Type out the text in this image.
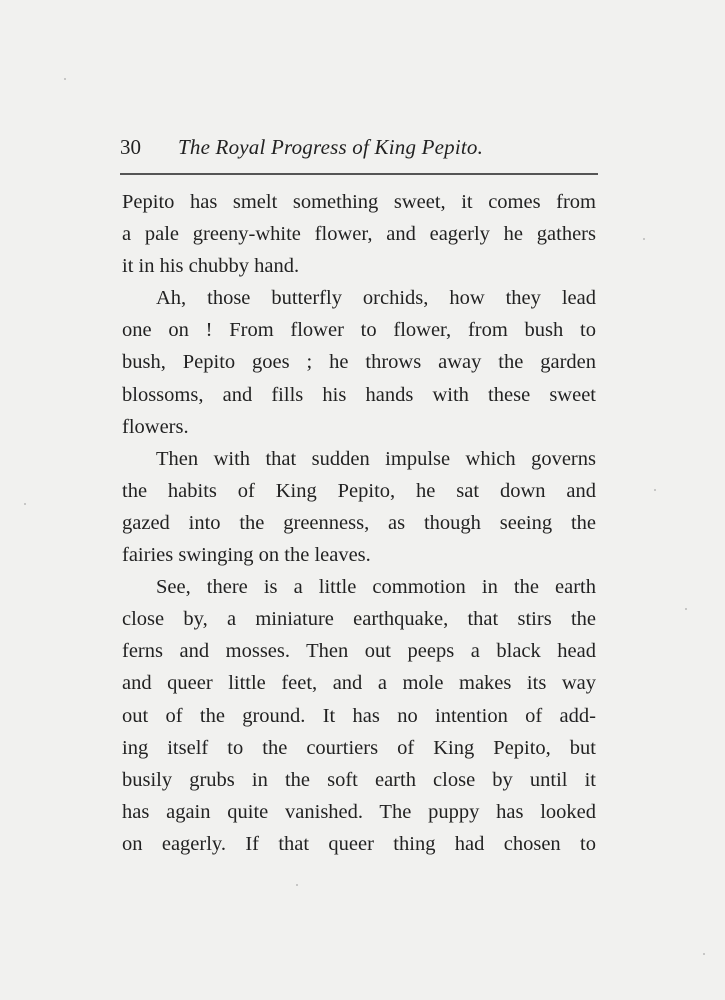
30 The Royal Progress of King Pepito.
Pepito has smelt something sweet, it comes from
a pale greeny-white flower, and eagerly he gathers
it in his chubby hand.
Ah, those butterfly orchids, how they lead
one on ! From flower to flower, from bush to
bush, Pepito goes ; he throws away the garden
blossoms, and fills his hands with these sweet
flowers.
Then with that sudden impulse which governs
the habits of King Pepito, he sat down and
gazed into the greenness, as though seeing the
fairies swinging on the leaves.
See, there is a little commotion in the earth
close by, a miniature earthquake, that stirs the
ferns and mosses. Then out peeps a black head
and queer little feet, and a mole makes its way
out of the ground. It has no intention of add-
ing itself to the courtiers of King Pepito, but
busily grubs in the soft earth close by until it
has again quite vanished. The puppy has looked
on eagerly. If that queer thing had chosen to
